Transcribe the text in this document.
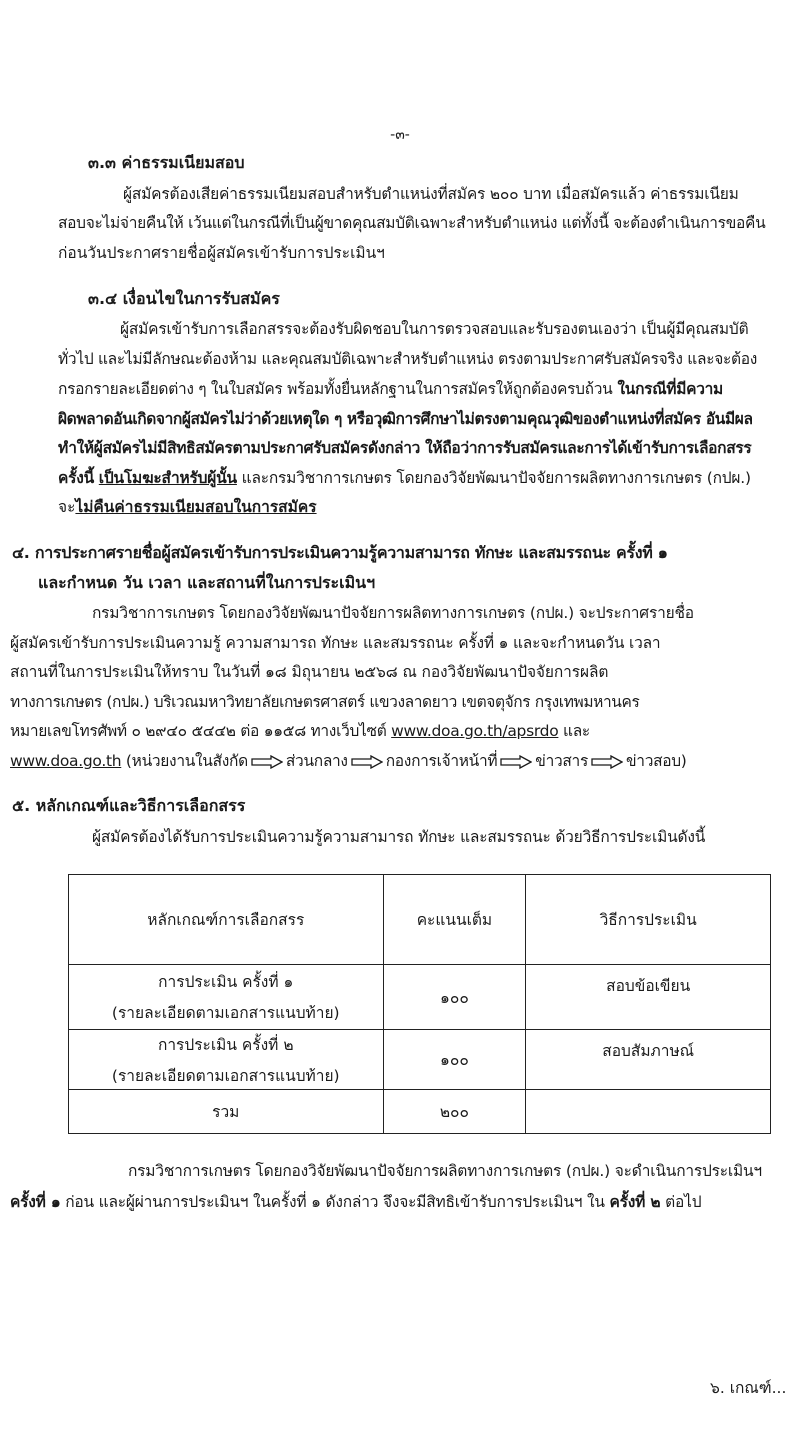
-๓-
๓.๓ ค่าธรรมเนียมสอบ
ผู้สมัครต้องเสียค่าธรรมเนียมสอบสำหรับตำแหน่งที่สมัคร ๒๐๐ บาท เมื่อสมัครแล้ว ค่าธรรมเนียม
สอบจะไม่จ่ายคืนให้ เว้นแต่ในกรณีที่เป็นผู้ขาดคุณสมบัติเฉพาะสำหรับตำแหน่ง แต่ทั้งนี้ จะต้องดำเนินการขอคืน
ก่อนวันประกาศรายชื่อผู้สมัครเข้ารับการประเมินฯ
๓.๔ เงื่อนไขในการรับสมัคร
ผู้สมัครเข้ารับการเลือกสรรจะต้องรับผิดชอบในการตรวจสอบและรับรองตนเองว่า เป็นผู้มีคุณสมบัติ
ทั่วไป และไม่มีลักษณะต้องห้าม และคุณสมบัติเฉพาะสำหรับตำแหน่ง ตรงตามประกาศรับสมัครจริง และจะต้อง
กรอกรายละเอียดต่าง ๆ ในใบสมัคร พร้อมทั้งยื่นหลักฐานในการสมัครให้ถูกต้องครบถ้วน ในกรณีที่มีความ
ผิดพลาดอันเกิดจากผู้สมัครไม่ว่าด้วยเหตุใด ๆ หรือวุฒิการศึกษาไม่ตรงตามคุณวุฒิของตำแหน่งที่สมัคร อันมีผล
ทำให้ผู้สมัครไม่มีสิทธิสมัครตามประกาศรับสมัครดังกล่าว ให้ถือว่าการรับสมัครและการได้เข้ารับการเลือกสรร
ครั้งนี้ เป็นโมฆะสำหรับผู้นั้น และกรมวิชาการเกษตร โดยกองวิจัยพัฒนาปัจจัยการผลิตทางการเกษตร (กปผ.)
จะไม่คืนค่าธรรมเนียมสอบในการสมัคร
๔. การประกาศรายชื่อผู้สมัครเข้ารับการประเมินความรู้ความสามารถ ทักษะ และสมรรถนะ ครั้งที่ ๑
และกำหนด วัน เวลา และสถานที่ในการประเมินฯ
กรมวิชาการเกษตร โดยกองวิจัยพัฒนาปัจจัยการผลิตทางการเกษตร (กปผ.) จะประกาศรายชื่อ
ผู้สมัครเข้ารับการประเมินความรู้ ความสามารถ ทักษะ และสมรรถนะ ครั้งที่ ๑ และจะกำหนดวัน เวลา
สถานที่ในการประเมินให้ทราบ ในวันที่ ๑๘ มิถุนายน ๒๕๖๘ ณ กองวิจัยพัฒนาปัจจัยการผลิต
ทางการเกษตร (กปผ.) บริเวณมหาวิทยาลัยเกษตรศาสตร์ แขวงลาดยาว เขตจตุจักร กรุงเทพมหานคร
หมายเลขโทรศัพท์ ๐ ๒๙๔๐ ๕๔๔๒ ต่อ ๑๑๕๘ ทางเว็บไซต์ www.doa.go.th/apsrdo และ
www.doa.go.th (หน่วยงานในสังกัด ส่วนกลาง กองการเจ้าหน้าที่ ข่าวสาร ข่าวสอบ)
๕. หลักเกณฑ์และวิธีการเลือกสรร
ผู้สมัครต้องได้รับการประเมินความรู้ความสามารถ ทักษะ และสมรรถนะ ด้วยวิธีการประเมินดังนี้
หลักเกณฑ์การเลือกสรร	คะแนนเต็ม	วิธีการประเมิน

การประเมิน ครั้งที่ ๑
(รายละเอียดตามเอกสารแนบท้าย)	๑๐๐	สอบข้อเขียน

การประเมิน ครั้งที่ ๒
(รายละเอียดตามเอกสารแนบท้าย)	๑๐๐	สอบสัมภาษณ์
รวม	๒๐๐	
กรมวิชาการเกษตร โดยกองวิจัยพัฒนาปัจจัยการผลิตทางการเกษตร (กปผ.) จะดำเนินการประเมินฯ
ครั้งที่ ๑ ก่อน และผู้ผ่านการประเมินฯ ในครั้งที่ ๑ ดังกล่าว จึงจะมีสิทธิเข้ารับการประเมินฯ ใน ครั้งที่ ๒ ต่อไป
๖. เกณฑ์...
